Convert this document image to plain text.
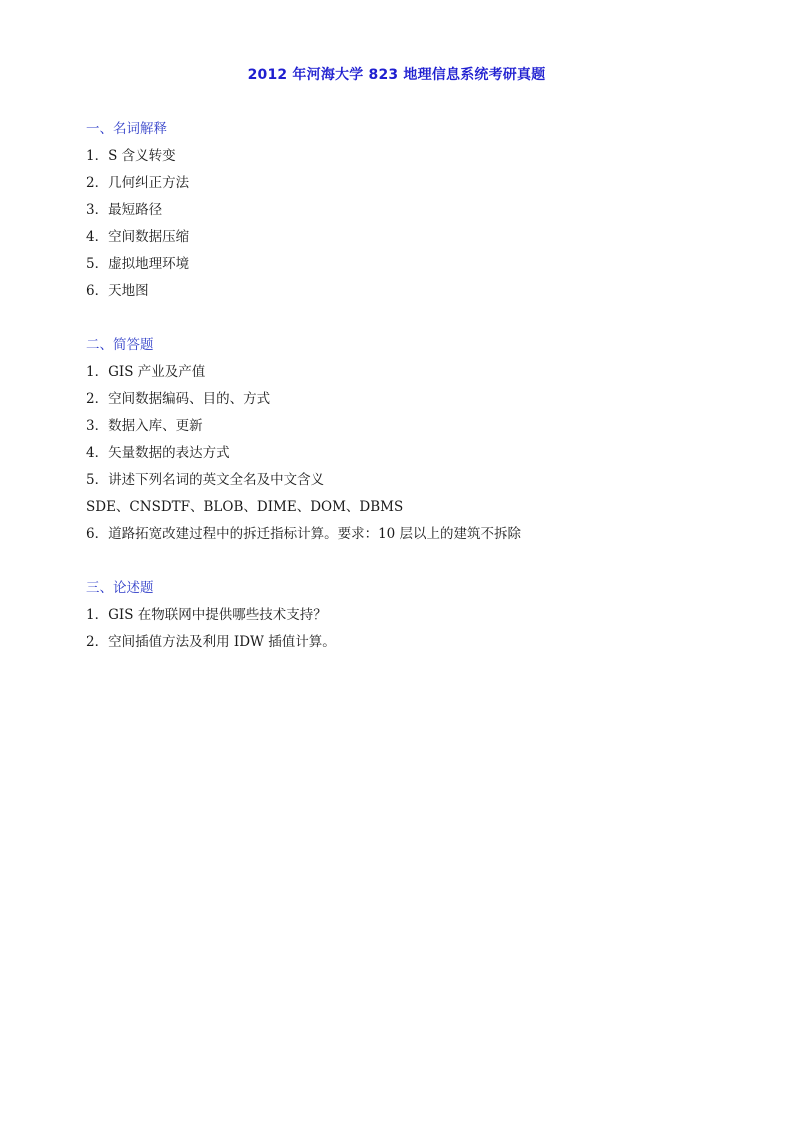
2012 年河海大学 823 地理信息系统考研真题
一、名词解释
1．S 含义转变
2．几何纠正方法
3．最短路径
4．空间数据压缩
5．虚拟地理环境
6．天地图
二、简答题
1．GIS 产业及产值
2．空间数据编码、目的、方式
3．数据入库、更新
4．矢量数据的表达方式
5．讲述下列名词的英文全名及中文含义
SDE、CNSDTF、BLOB、DIME、DOM、DBMS
6．道路拓宽改建过程中的拆迁指标计算。要求：10 层以上的建筑不拆除
三、论述题
1．GIS 在物联网中提供哪些技术支持？
2．空间插值方法及利用 IDW 插值计算。
